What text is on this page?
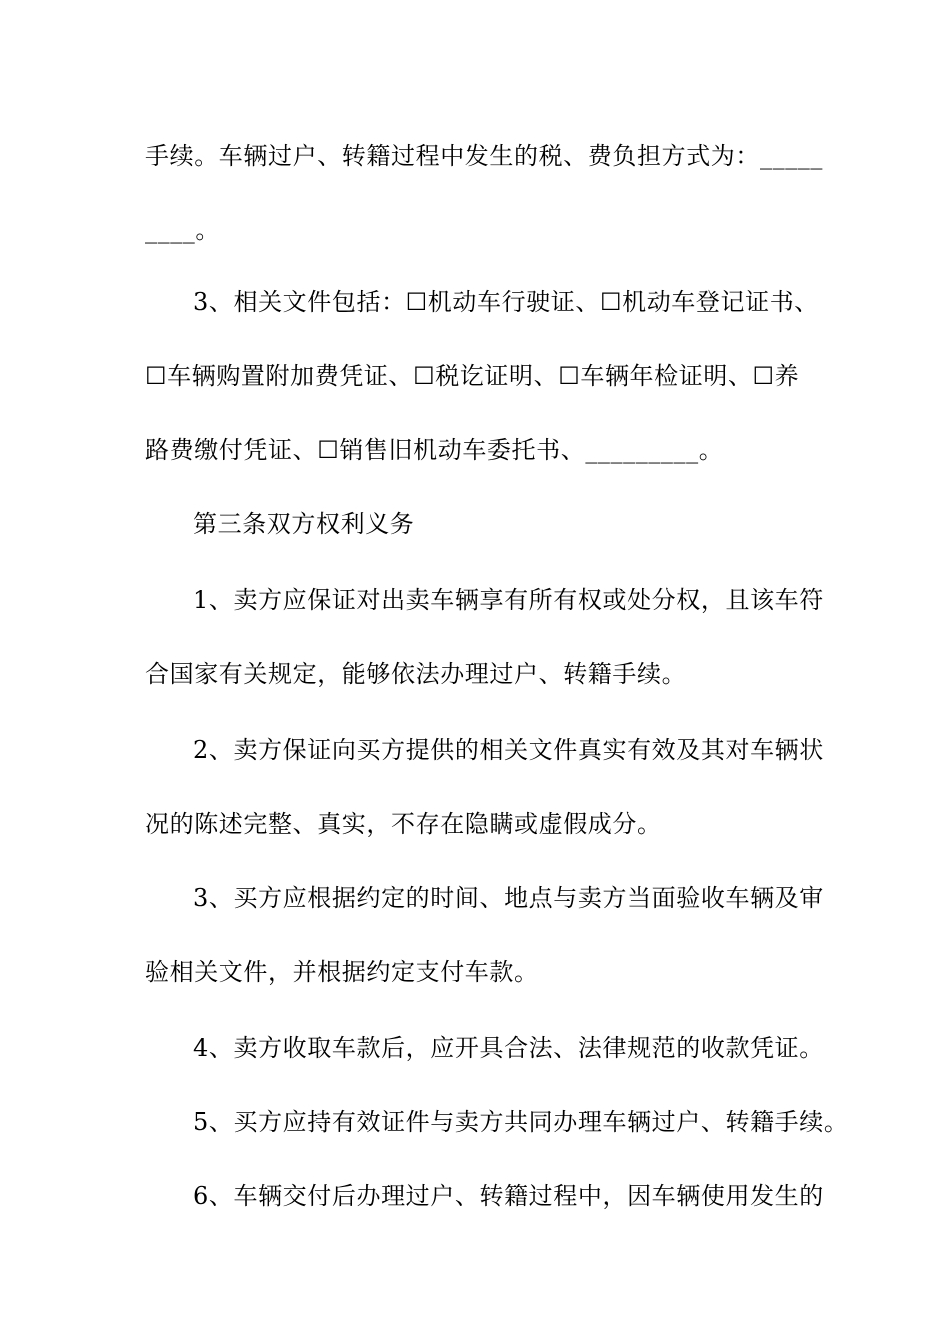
手续。车辆过户、转籍过程中发生的税、费负担方式为：_____
____。
3、相关文件包括：☐机动车行驶证、☐机动车登记证书、
☐车辆购置附加费凭证、☐税讫证明、☐车辆年检证明、☐养
路费缴付凭证、☐销售旧机动车委托书、_________。
第三条双方权利义务
1、卖方应保证对出卖车辆享有所有权或处分权，且该车符
合国家有关规定，能够依法办理过户、转籍手续。
2、卖方保证向买方提供的相关文件真实有效及其对车辆状
况的陈述完整、真实，不存在隐瞒或虚假成分。
3、买方应根据约定的时间、地点与卖方当面验收车辆及审
验相关文件，并根据约定支付车款。
4、卖方收取车款后，应开具合法、法律规范的收款凭证。
5、买方应持有效证件与卖方共同办理车辆过户、转籍手续。
6、车辆交付后办理过户、转籍过程中，因车辆使用发生的
